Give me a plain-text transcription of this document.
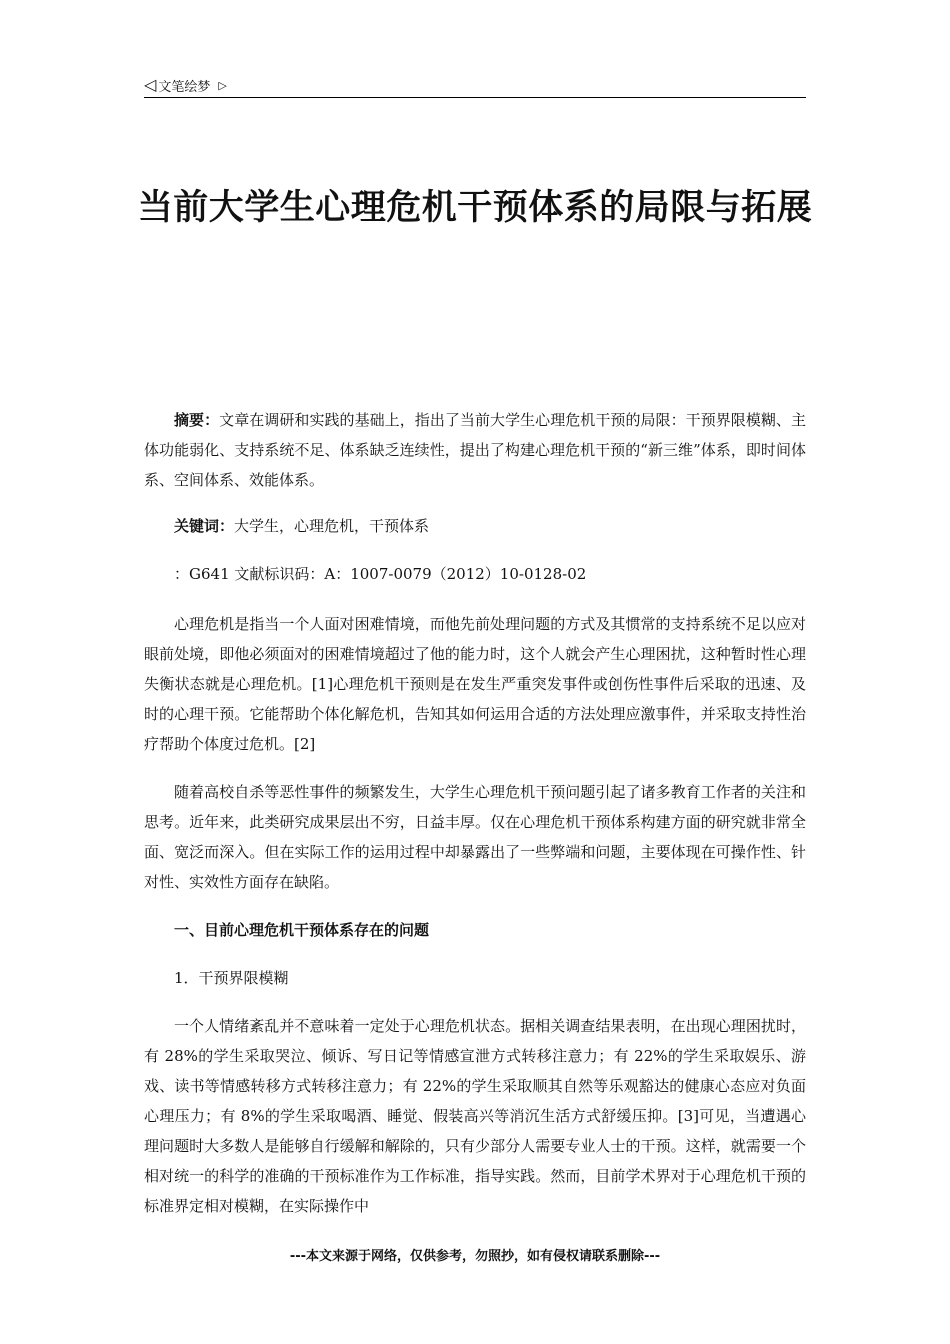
◁ 文笔绘梦 ▷
当前大学生心理危机干预体系的局限与拓展

摘要：文章在调研和实践的基础上，指出了当前大学生心理危机干预的局限：干预界限模糊、主体功能弱化、支持系统不足、体系缺乏连续性，提出了构建心理危机干预的“新三维”体系，即时间体系、空间体系、效能体系。

关键词：大学生，心理危机，干预体系

：G641 文献标识码：A：1007-0079（2012）10-0128-02

心理危机是指当一个人面对困难情境，而他先前处理问题的方式及其惯常的支持系统不足以应对眼前处境，即他必须面对的困难情境超过了他的能力时，这个人就会产生心理困扰，这种暂时性心理失衡状态就是心理危机。[1]心理危机干预则是在发生严重突发事件或创伤性事件后采取的迅速、及时的心理干预。它能帮助个体化解危机，告知其如何运用合适的方法处理应激事件，并采取支持性治疗帮助个体度过危机。[2]

随着高校自杀等恶性事件的频繁发生，大学生心理危机干预问题引起了诸多教育工作者的关注和思考。近年来，此类研究成果层出不穷，日益丰厚。仅在心理危机干预体系构建方面的研究就非常全面、宽泛而深入。但在实际工作的运用过程中却暴露出了一些弊端和问题，主要体现在可操作性、针对性、实效性方面存在缺陷。

一、目前心理危机干预体系存在的问题

1．干预界限模糊

一个人情绪紊乱并不意味着一定处于心理危机状态。据相关调查结果表明，在出现心理困扰时，有 28%的学生采取哭泣、倾诉、写日记等情感宣泄方式转移注意力；有 22%的学生采取娱乐、游戏、读书等情感转移方式转移注意力；有 22%的学生采取顺其自然等乐观豁达的健康心态应对负面心理压力；有 8%的学生采取喝酒、睡觉、假装高兴等消沉生活方式舒缓压抑。[3]可见，当遭遇心理问题时大多数人是能够自行缓解和解除的，只有少部分人需要专业人士的干预。这样，就需要一个相对统一的科学的准确的干预标准作为工作标准，指导实践。然而，目前学术界对于心理危机干预的标准界定相对模糊，在实际操作中

---本文来源于网络，仅供参考，勿照抄，如有侵权请联系删除---
